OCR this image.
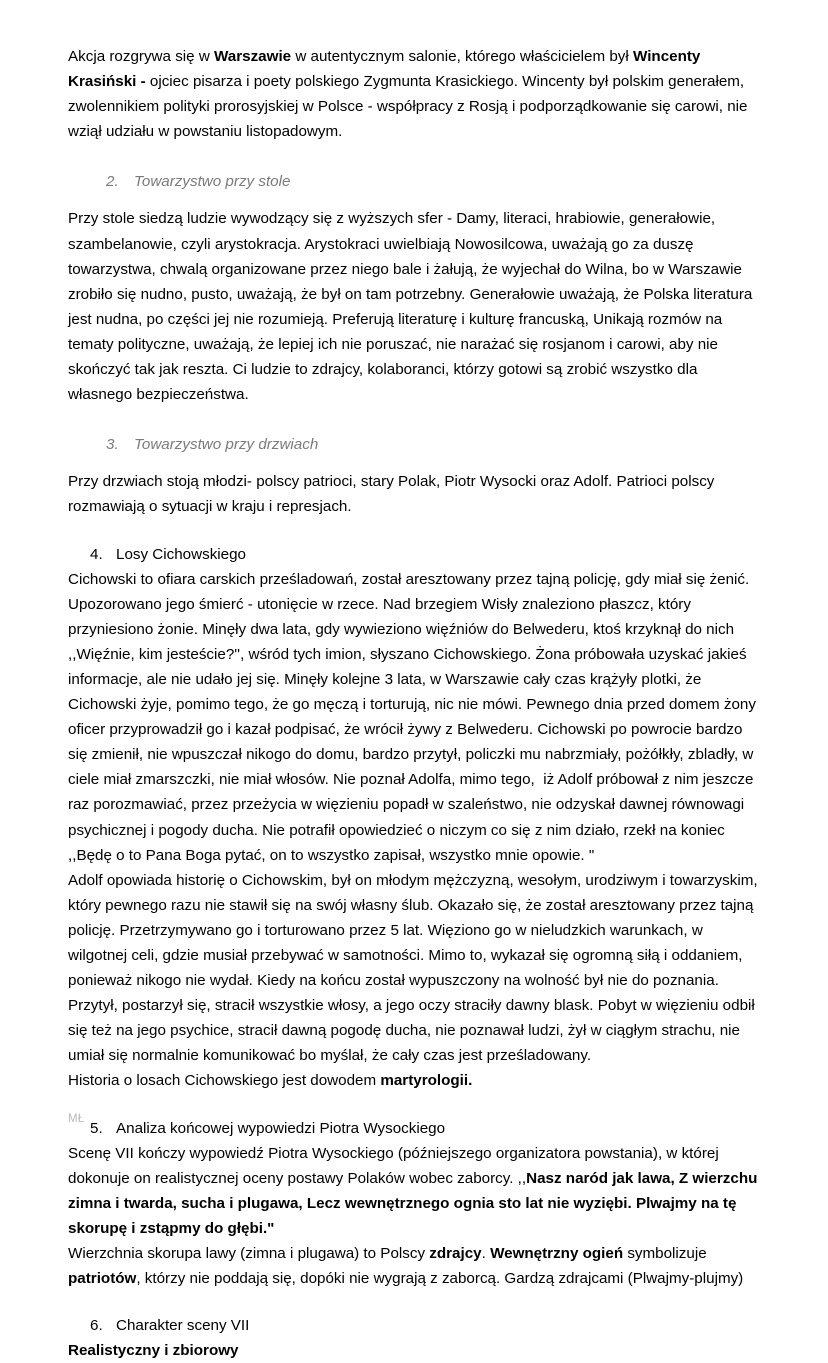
Akcja rozgrywa się w Warszawie w autentycznym salonie, którego właścicielem był Wincenty Krasiński - ojciec pisarza i poety polskiego Zygmunta Krasickiego. Wincenty był polskim generałem, zwolennikiem polityki prorosyjskiej w Polsce - współpracy z Rosją i podporządkowanie się carowi, nie wziął udziału w powstaniu listopadowym.

2. Towarzystwo przy stole

Przy stole siedzą ludzie wywodzący się z wyższych sfer - Damy, literaci, hrabiowie, generałowie, szambelanowie, czyli arystokracja. Arystokraci uwielbiają Nowosilcowa, uważają go za duszę towarzystwa, chwalą organizowane przez niego bale i żałują, że wyjechał do Wilna, bo w Warszawie zrobiło się nudno, pusto, uważają, że był on tam potrzebny. Generałowie uważają, że Polska literatura jest nudna, po części jej nie rozumieją. Preferują literaturę i kulturę francuską, Unikają rozmów na tematy polityczne, uważają, że lepiej ich nie poruszać, nie narażać się rosjanom i carowi, aby nie skończyć tak jak reszta. Ci ludzie to zdrajcy, kolaboranci, którzy gotowi są zrobić wszystko dla własnego bezpieczeństwa.

3. Towarzystwo przy drzwiach

Przy drzwiach stoją młodzi- polscy patrioci, stary Polak, Piotr Wysocki oraz Adolf. Patrioci polscy rozmawiają o sytuacji w kraju i represjach.

4. Losy Cichowskiego

Cichowski to ofiara carskich prześladowań, został aresztowany przez tajną policję, gdy miał się żenić. Upozorowano jego śmierć - utonięcie w rzece. Nad brzegiem Wisły znaleziono płaszcz, który przyniesiono żonie. Minęły dwa lata, gdy wywieziono więźniów do Belwederu, ktoś krzyknął do nich ,,Więźnie, kim jesteście?'', wśród tych imion, słyszano Cichowskiego. Żona próbowała uzyskać jakieś informacje, ale nie udało jej się. Minęły kolejne 3 lata, w Warszawie cały czas krążyły plotki, że Cichowski żyje, pomimo tego, że go męczą i torturują, nic nie mówi. Pewnego dnia przed domem żony oficer przyprowadził go i kazał podpisać, że wrócił żywy z Belwederu. Cichowski po powrocie bardzo się zmienił, nie wpuszczał nikogo do domu, bardzo przytył, policzki mu nabrzmiały, pożółkły, zbladły, w ciele miał zmarszczki, nie miał włosów. Nie poznał Adolfa, mimo tego,  iż Adolf próbował z nim jeszcze raz porozmawiać, przez przeżycia w więzieniu popadł w szaleństwo, nie odzyskał dawnej równowagi psychicznej i pogody ducha. Nie potrafił opowiedzieć o niczym co się z nim działo, rzekł na koniec ,,Będę o to Pana Boga pytać, on to wszystko zapisał, wszystko mnie opowie. "

Adolf opowiada historię o Cichowskim, był on młodym mężczyzną, wesołym, urodziwym i towarzyskim, który pewnego razu nie stawił się na swój własny ślub. Okazało się, że został aresztowany przez tajną policję. Przetrzymywano go i torturowano przez 5 lat. Więziono go w nieludzkich warunkach, w wilgotnej celi, gdzie musiał przebywać w samotności. Mimo to, wykazał się ogromną siłą i oddaniem, ponieważ nikogo nie wydał. Kiedy na końcu został wypuszczony na wolność był nie do poznania. Przytył, postarzył się, stracił wszystkie włosy, a jego oczy straciły dawny blask. Pobyt w więzieniu odbił się też na jego psychice, stracił dawną pogodę ducha, nie poznawał ludzi, żył w ciągłym strachu, nie umiał się normalnie komunikować bo myślał, że cały czas jest prześladowany.

Historia o losach Cichowskiego jest dowodem martyrologii.

5. Analiza końcowej wypowiedzi Piotra Wysockiego

Scenę VII kończy wypowiedź Piotra Wysockiego (późniejszego organizatora powstania), w której dokonuje on realistycznej oceny postawy Polaków wobec zaborcy. ,,Nasz naród jak lawa, Z wierzchu zimna i twarda, sucha i plugawa, Lecz wewnętrznego ognia sto lat nie wyziębi. Plwajmy na tę skorupę i zstąpmy do głębi."

Wierzchnia skorupa lawy (zimna i plugawa) to Polscy zdrajcy. Wewnętrzny ogień symbolizuje patriotów, którzy nie poddają się, dopóki nie wygrają z zaborcą. Gardzą zdrajcami (Plwajmy-plujmy)

6. Charakter sceny VII

Realistyczny i zbiorowy

MŁ
